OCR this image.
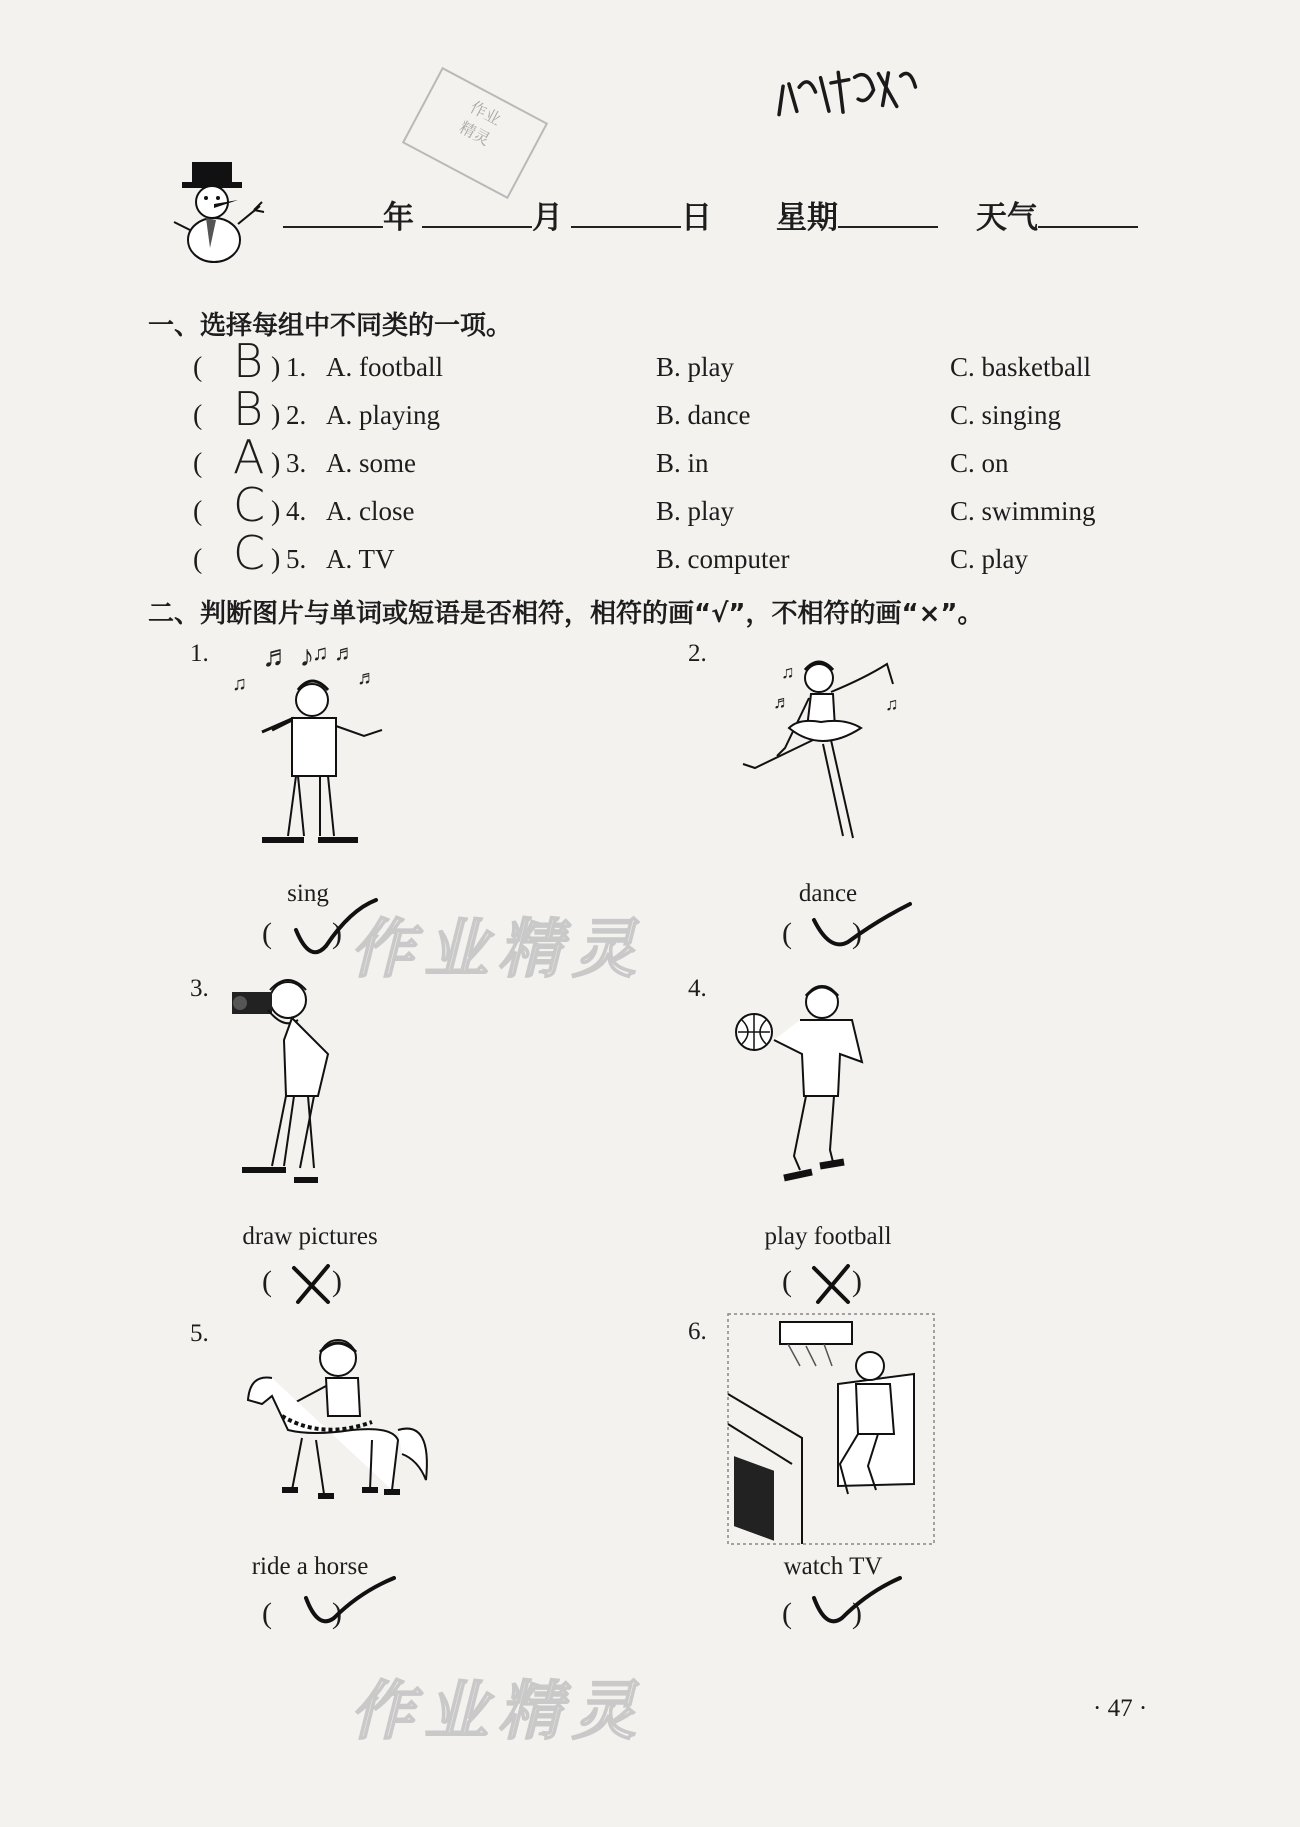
作业
精灵
年	月	日 星期	天气
一、选择每组中不同类的一项。
( B ) 1. A. football	B. play	C. basketball
( B ) 2. A. playing	B. dance	C. singing
( A ) 3. A. some	B. in	C. on
( C ) 4. A. close	B. play	C. swimming
( C ) 5. A. TV	B. computer	C. play
二、判断图片与单词或短语是否相符，相符的画“√”，不相符的画“×”。
1. ♬ ♪
♫ ♬
♫	♬
sing
(        )
2.
♫
♫
♬
dance
(        )
作业精灵
3.
draw pictures
(        )
4.
play football
(        )
5.
ride a horse
(        )
6.
watch TV
(        )
作业精灵	· 47 ·
